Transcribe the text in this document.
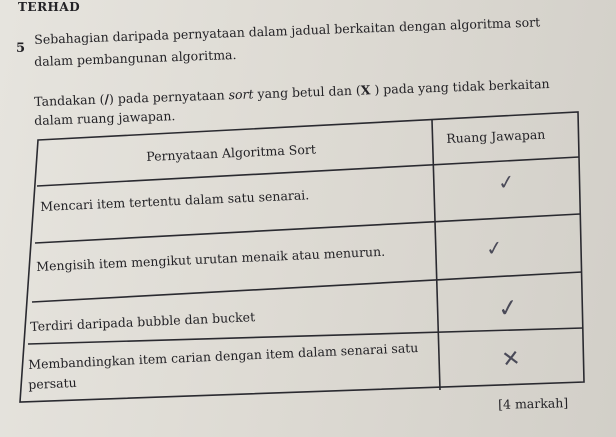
TERHAD
5
Sebahagian daripada pernyataan dalam jadual berkaitan dengan algoritma sort
dalam pembangunan algoritma.
Tandakan (/) pada pernyataan sort yang betul dan (X ) pada yang tidak berkaitan
dalam ruang jawapan.
Pernyataan Algoritma Sort
Ruang Jawapan
Mencari item tertentu dalam satu senarai.
Mengisih item mengikut urutan menaik atau menurun.
Terdiri daripada bubble dan bucket
Membandingkan item carian dengan item dalam senarai satu
persatu
✓
✓
✓
✕
[4 markah]
